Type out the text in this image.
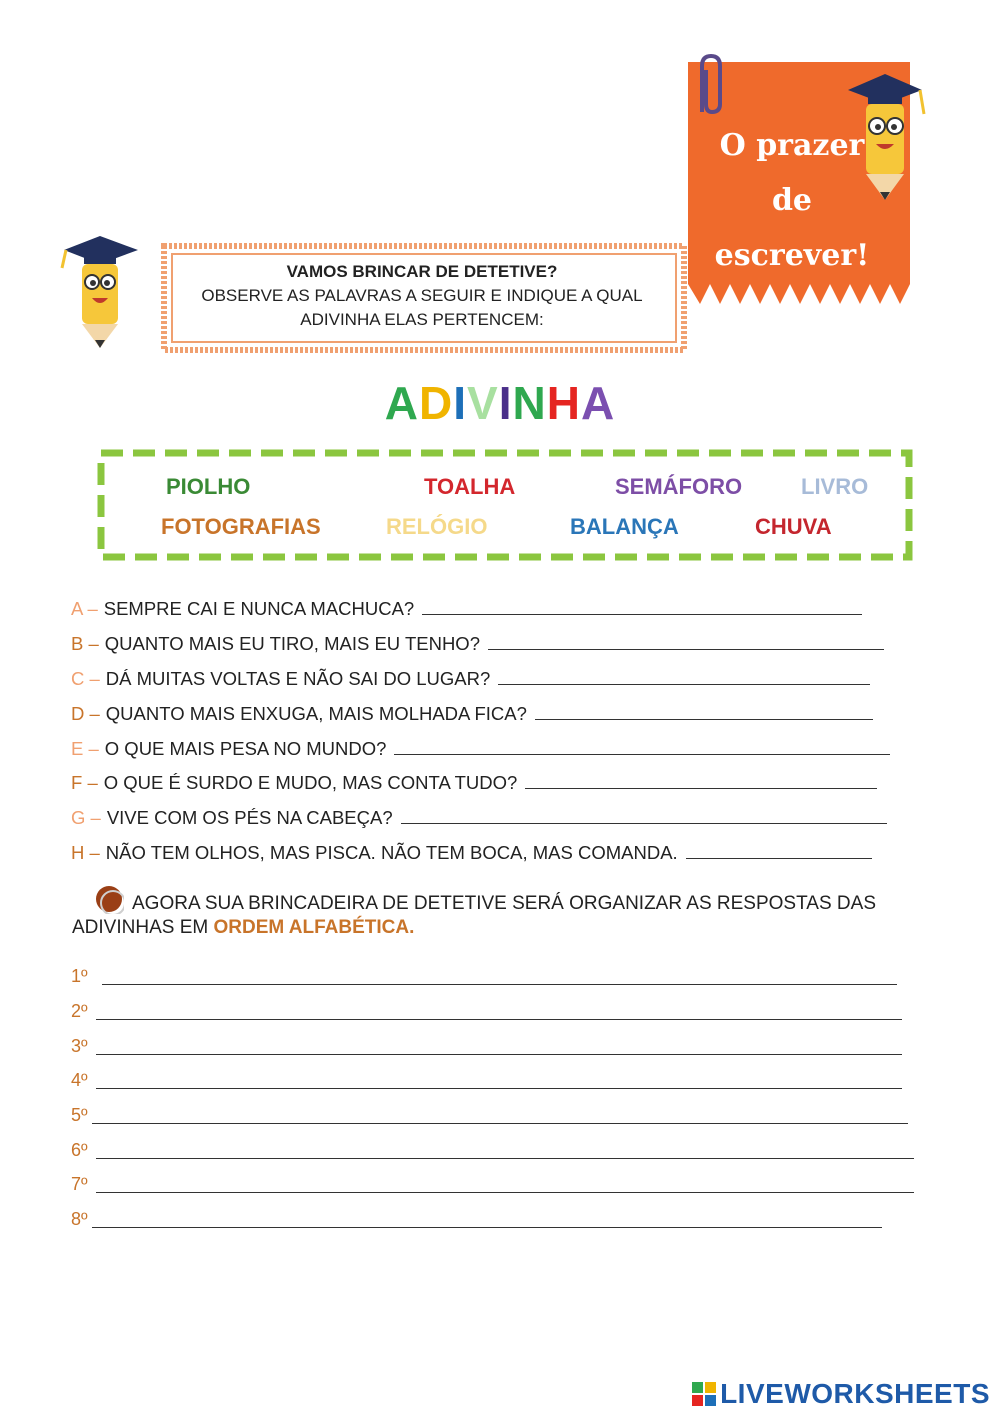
O prazer
de
escrever!
VAMOS BRINCAR DE DETETIVE?
OBSERVE AS PALAVRAS A SEGUIR E INDIQUE A QUAL
ADIVINHA ELAS PERTENCEM:
ADIVINHA
PIOLHO	TOALHA	SEMÁFORO	LIVRO
FOTOGRAFIAS	RELÓGIO	BALANÇA	CHUVA
A – SEMPRE CAI E NUNCA MACHUCA?
B – QUANTO MAIS EU TIRO, MAIS EU TENHO?
C – DÁ MUITAS VOLTAS E NÃO SAI DO LUGAR?
D – QUANTO MAIS ENXUGA, MAIS MOLHADA FICA?
E – O QUE MAIS PESA NO MUNDO?
F – O QUE É SURDO E MUDO, MAS CONTA TUDO?
G – VIVE COM OS PÉS NA CABEÇA?
H – NÃO TEM OLHOS, MAS PISCA. NÃO TEM BOCA, MAS COMANDA.
AGORA SUA BRINCADEIRA DE DETETIVE SERÁ ORGANIZAR AS RESPOSTAS DAS ADIVINHAS EM ORDEM ALFABÉTICA.
1º
2º
3º
4º
5º
6º
7º
8º
LIVEWORKSHEETS
